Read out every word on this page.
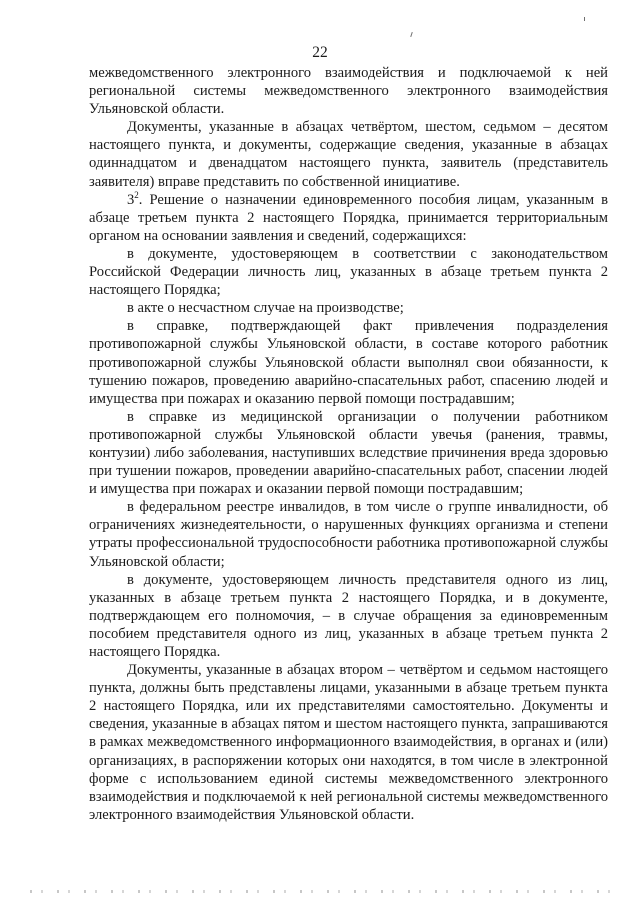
22

межведомственного электронного взаимодействия и подключаемой к ней региональной системы межведомственного электронного взаимодействия Ульяновской области.

Документы, указанные в абзацах четвёртом, шестом, седьмом – десятом настоящего пункта, и документы, содержащие сведения, указанные в абзацах одиннадцатом и двенадцатом настоящего пункта, заявитель (представитель заявителя) вправе представить по собственной инициативе.

$3^2$. Решение о назначении единовременного пособия лицам, указанным в абзаце третьем пункта 2 настоящего Порядка, принимается территориальным органом на основании заявления и сведений, содержащихся:

в документе, удостоверяющем в соответствии с законодательством Российской Федерации личность лиц, указанных в абзаце третьем пункта 2 настоящего Порядка;

в акте о несчастном случае на производстве;

в справке, подтверждающей факт привлечения подразделения противопожарной службы Ульяновской области, в составе которого работник противопожарной службы Ульяновской области выполнял свои обязанности, к тушению пожаров, проведению аварийно-спасательных работ, спасению людей и имущества при пожарах и оказанию первой помощи пострадавшим;

в справке из медицинской организации о получении работником противопожарной службы Ульяновской области увечья (ранения, травмы, контузии) либо заболевания, наступивших вследствие причинения вреда здоровью при тушении пожаров, проведении аварийно-спасательных работ, спасении людей и имущества при пожарах и оказании первой помощи пострадавшим;

в федеральном реестре инвалидов, в том числе о группе инвалидности, об ограничениях жизнедеятельности, о нарушенных функциях организма и степени утраты профессиональной трудоспособности работника противопожарной службы Ульяновской области;

в документе, удостоверяющем личность представителя одного из лиц, указанных в абзаце третьем пункта 2 настоящего Порядка, и в документе, подтверждающем его полномочия, – в случае обращения за единовременным пособием представителя одного из лиц, указанных в абзаце третьем пункта 2 настоящего Порядка.

Документы, указанные в абзацах втором – четвёртом и седьмом настоящего пункта, должны быть представлены лицами, указанными в абзаце третьем пункта 2 настоящего Порядка, или их представителями самостоятельно. Документы и сведения, указанные в абзацах пятом и шестом настоящего пункта, запрашиваются в рамках межведомственного информационного взаимодействия, в органах и (или) организациях, в распоряжении которых они находятся, в том числе в электронной форме с использованием единой системы межведомственного электронного взаимодействия и подключаемой к ней региональной системы межведомственного электронного взаимодействия Ульяновской области.
